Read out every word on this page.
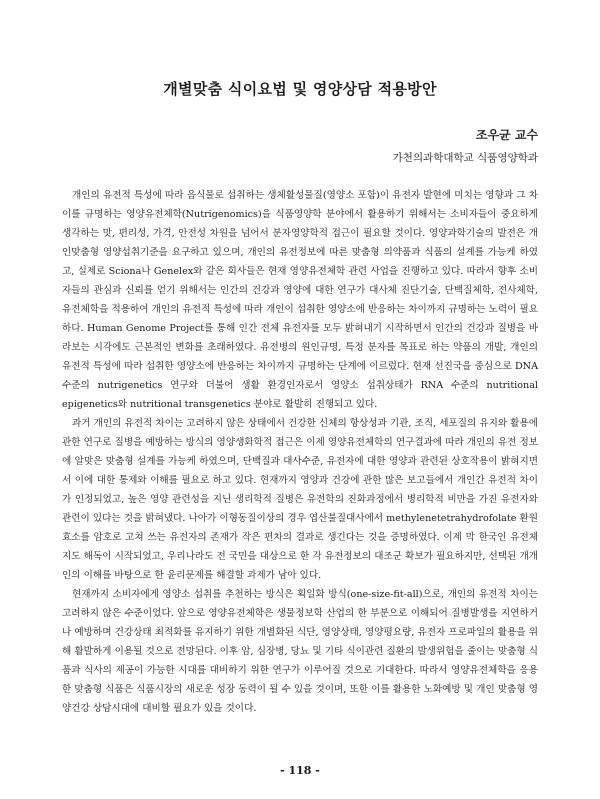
개별맞춤 식이요법 및 영양상담 적용방안
조우균 교수
가천의과학대학교 식품영양학과

개인의 유전적 특성에 따라 음식물로 섭취하는 생체활성물질(영양소 포함)이 유전자 발현에 미치는 영향과 그 차이를 규명하는 영양유전체학(Nutrigenomics)을 식품영양학 분야에서 활용하기 위해서는 소비자들이 중요하게 생각하는 맛, 편리성, 가격, 안전성 차원을 넘어서 분자영양학적 접근이 필요할 것이다. 영양과학기술의 발전은 개인맞춤형 영양섭취기준을 요구하고 있으며, 개인의 유전정보에 따른 맞춤형 의약품과 식품의 설계를 가능케 하였고, 실제로 Sciona나 Genelex와 같은 회사들은 현재 영양유전체학 관련 사업을 진행하고 있다. 따라서 향후 소비자들의 관심과 신뢰를 얻기 위해서는 인간의 건강과 영양에 대한 연구가 대사체 진단기술, 단백질체학, 전사체학, 유전체학을 적용하여 개인의 유전적 특성에 따라 개인이 섭취한 영양소에 반응하는 차이까지 규명하는 노력이 필요하다. Human Genome Project를 통해 인간 전체 유전자를 모두 밝혀내기 시작하면서 인간의 건강과 질병을 바라보는 시각에도 근본적인 변화를 초래하였다. 유전병의 원인규명, 특정 분자를 목표로 하는 약품의 개발, 개인의 유전적 특성에 따라 섭취한 영양소에 반응하는 차이까지 규명하는 단계에 이르렀다. 현재 선진국을 중심으로 DNA 수준의 nutrigenetics 연구와 더불어 생활 환경인자로서 영양소 섭취상태가 RNA 수준의 nutritional epigenetics와 nutritional transgenetics 분야로 활발히 진행되고 있다.

과거 개인의 유전적 차이는 고려하지 않은 상태에서 건강한 신체의 항상성과 기관, 조직, 세포질의 유지와 활용에 관한 연구로 질병을 예방하는 방식의 영양생화학적 접근은 이제 영양유전체학의 연구결과에 따라 개인의 유전 정보에 알맞은 맞춤형 설계를 가능케 하였으며, 단백질과 대사수준, 유전자에 대한 영양과 관련된 상호작용이 밝혀지면서 이에 대한 통제와 이해를 필요로 하고 있다. 현재까지 영양과 건강에 관한 많은 보고들에서 개인간 유전적 차이가 인정되었고, 높은 영양 관련성을 지닌 생리학적 질병은 유전학의 진화과정에서 병리학적 비만을 가진 유전자와 관련이 있다는 것을 밝혀냈다. 나아가 이형동질이상의 경우 엽산불질대사에서 methylenetetrahydrofolate 환원효소를 암호로 고쳐 쓰는 유전자의 존재가 작은 편차의 결과로 생긴다는 것을 증명하였다. 이제 막 한국인 유전체 지도 해독이 시작되었고, 우리나라도 전 국민을 대상으로 한 각 유전정보의 대조군 확보가 필요하지만, 선택된 개개인의 이해를 바탕으로 한 윤리문제를 해결할 과제가 남아 있다.

현재까지 소비자에게 영양소 섭취를 추천하는 방식은 획일화 방식(one-size-fit-all)으로, 개인의 유전적 차이는 고려하지 않은 수준이었다. 앞으로 영양유전체학은 생물정보학 산업의 한 부분으로 이해되어 질병발생을 지연하거나 예방하며 건강상태 최적화를 유지하기 위한 개별화된 식단, 영양상태, 영양평요량, 유전자 프로파일의 활용을 위해 활발하게 이용될 것으로 전망된다. 이후 암, 심장병, 당뇨 및 기타 식이관련 질환의 발생위험을 줄이는 맞춤형 식품과 식사의 제공이 가능한 시대를 대비하기 위한 연구가 이루어질 것으로 기대한다. 따라서 영양유전체학을 응용한 맞춤형 식품은 식품시장의 새로운 성장 동력이 될 수 있을 것이며, 또한 이를 활용한 노화예방 및 개인 맞춤형 영양건강 상담시대에 대비할 필요가 있을 것이다.

- 118 -
